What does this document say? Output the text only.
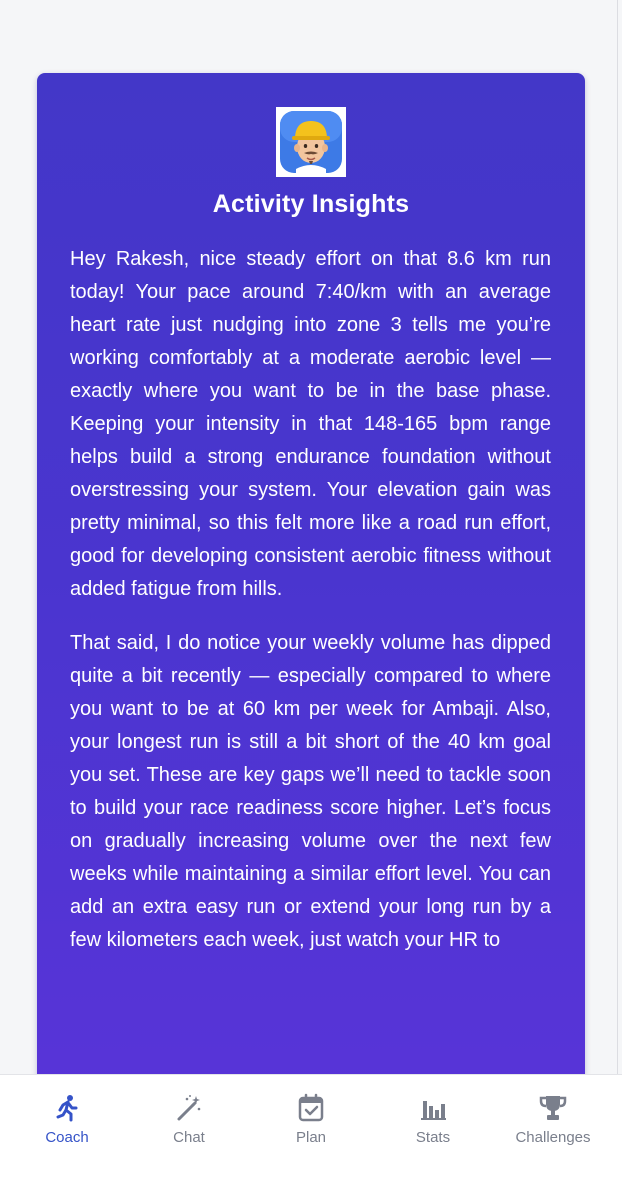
Activity Insights

Hey Rakesh, nice steady effort on that 8.6 km run today! Your pace around 7:40/km with an average heart rate just nudging into zone 3 tells me you’re working comfortably at a moderate aerobic level — exactly where you want to be in the base phase. Keeping your intensity in that 148-165 bpm range helps build a strong endurance foundation without overstressing your system. Your elevation gain was pretty minimal, so this felt more like a road run effort, good for developing consistent aerobic fitness without added fatigue from hills.

That said, I do notice your weekly volume has dipped quite a bit recently — especially compared to where you want to be at 60 km per week for Ambaji. Also, your longest run is still a bit short of the 40 km goal you set. These are key gaps we’ll need to tackle soon to build your race readiness score higher. Let’s focus on gradually increasing volume over the next few weeks while maintaining a similar effort level. You can add an extra easy run or extend your long run by a few kilometers each week, just watch your HR to

Coach	Chat	Plan	Stats	Challenges
